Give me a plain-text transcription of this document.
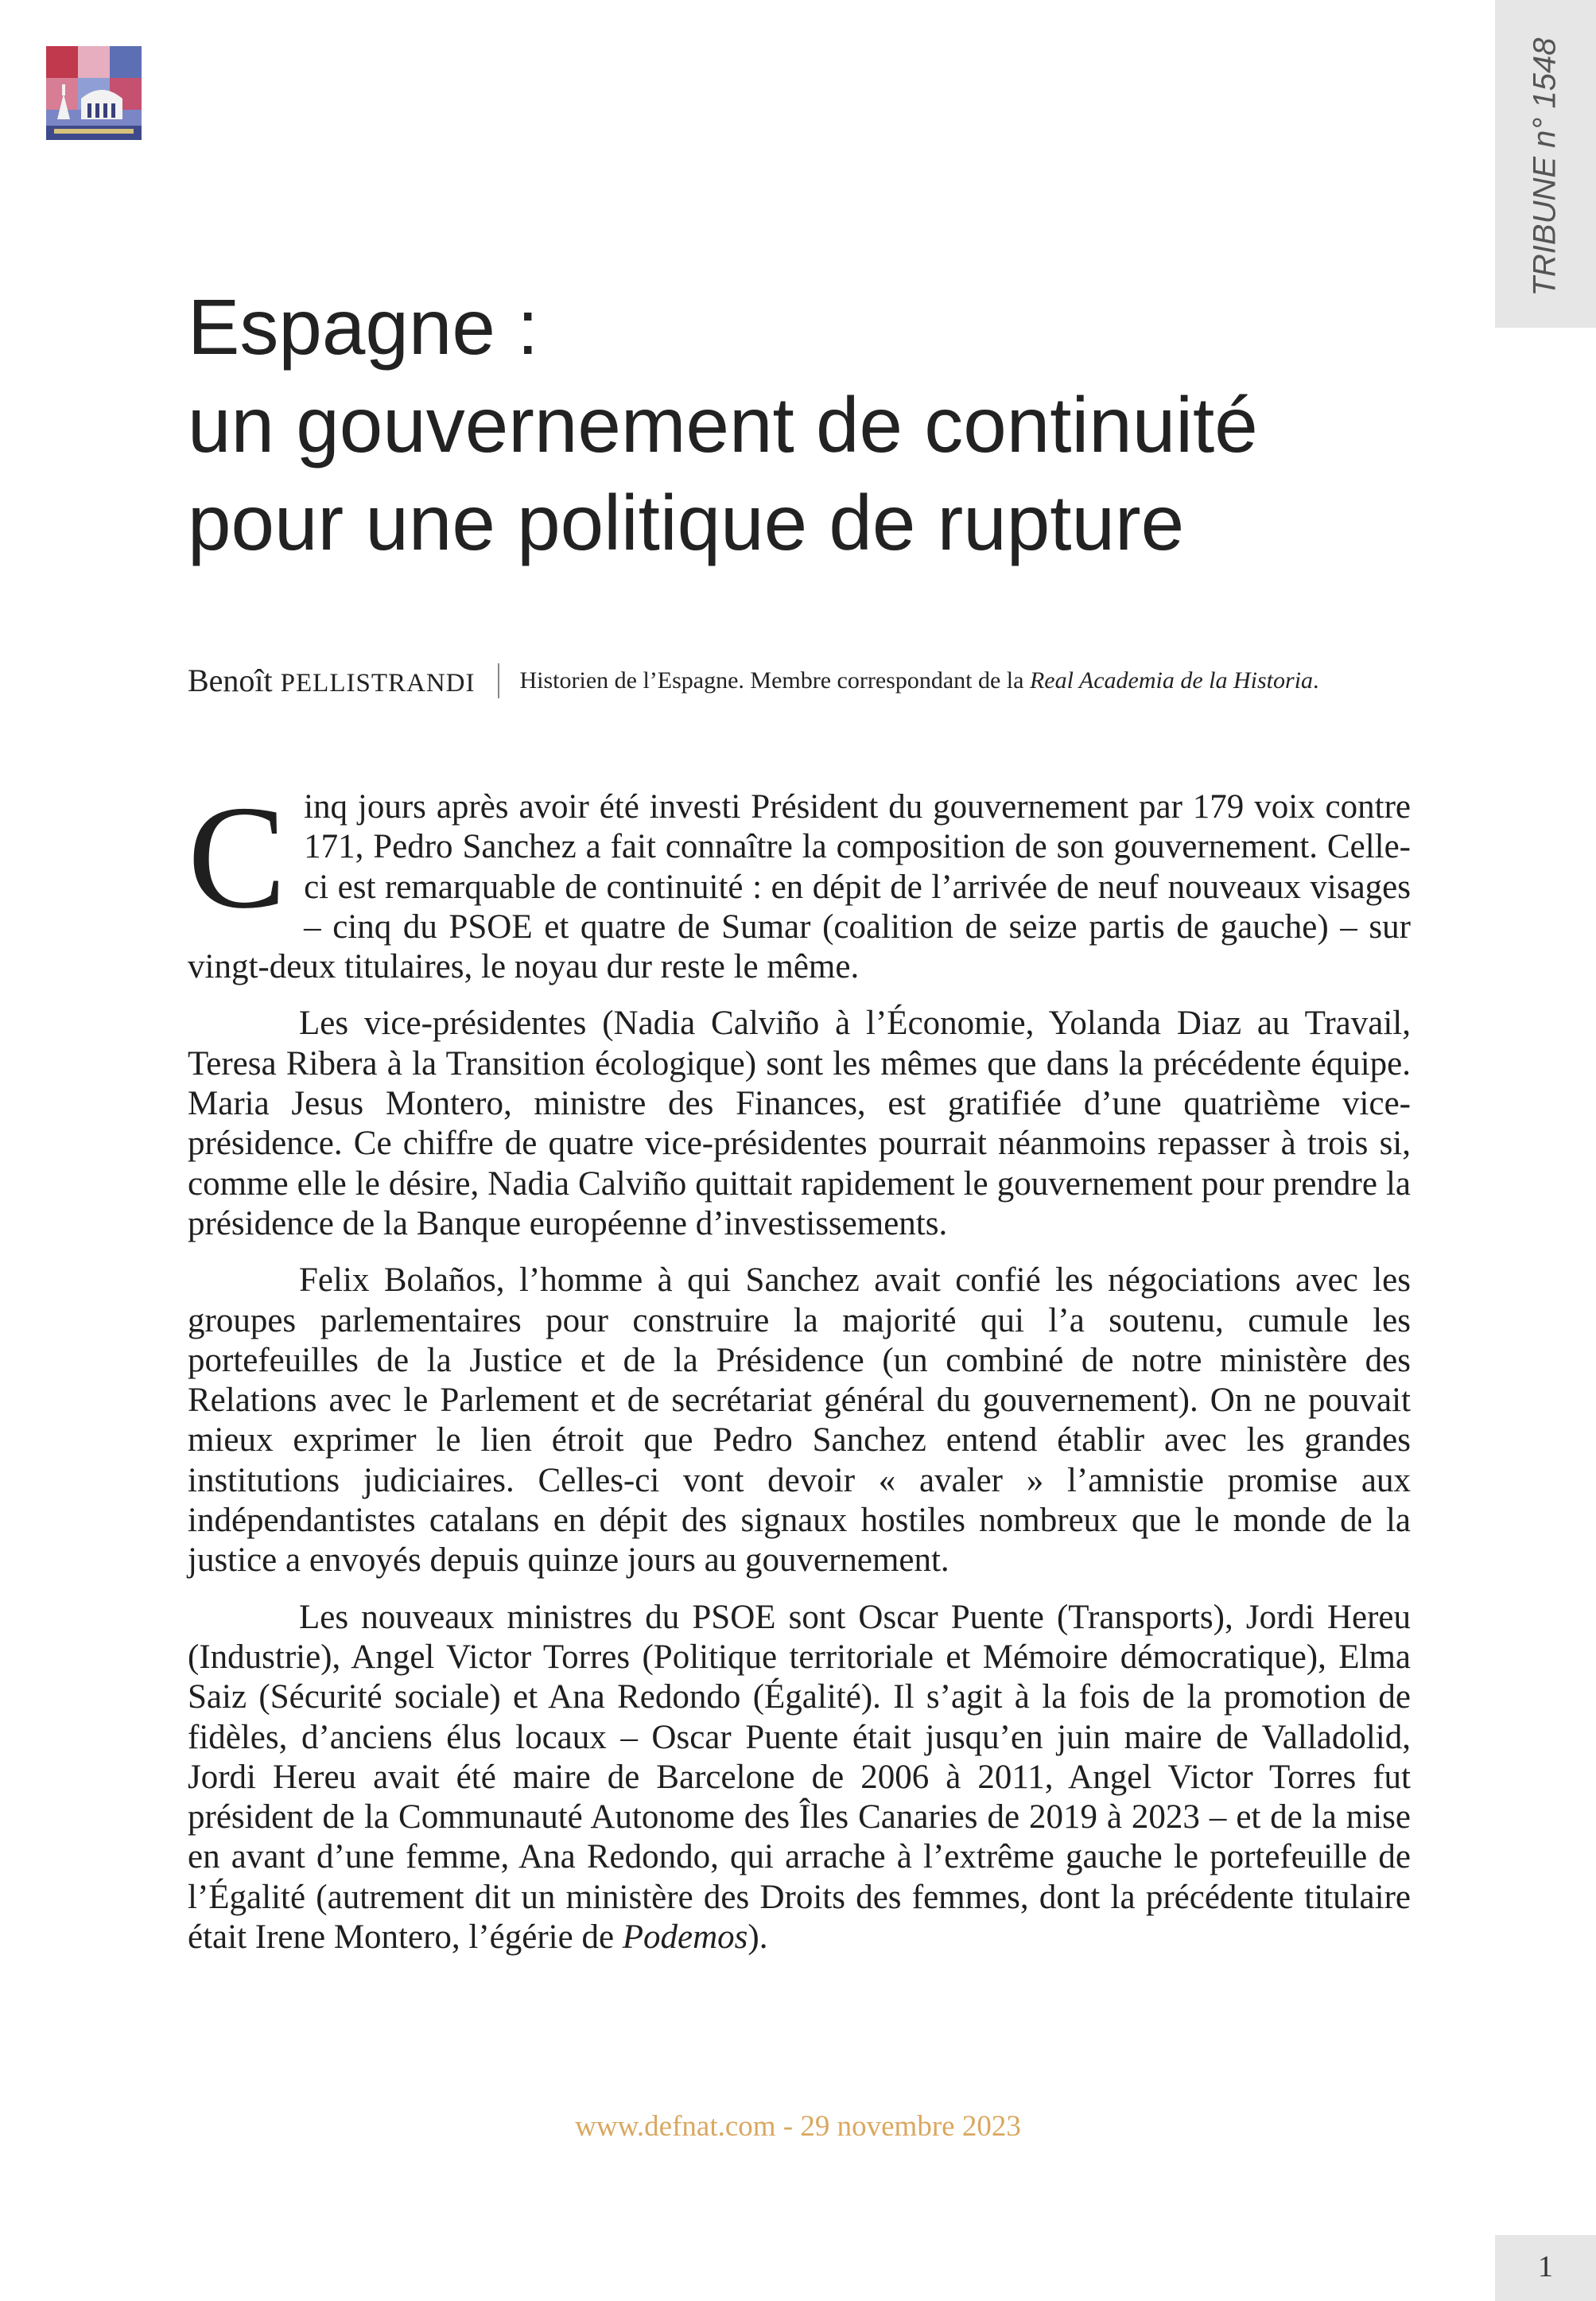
TRIBUNE n° 1548
Espagne :
un gouvernement de continuité
pour une politique de rupture
Benoît PELLISTRANDI Historien de l’Espagne. Membre correspondant de la Real Academia de la Historia.

Cinq jours après avoir été investi Président du gouvernement par 179 voix contre 171, Pedro Sanchez a fait connaître la composition de son gouvernement. Celle-ci est remarquable de continuité : en dépit de l’arrivée de neuf nouveaux visages – cinq du PSOE et quatre de Sumar (coalition de seize partis de gauche) – sur vingt-deux titulaires, le noyau dur reste le même.

Les vice-présidentes (Nadia Calviño à l’Économie, Yolanda Diaz au Travail, Teresa Ribera à la Transition écologique) sont les mêmes que dans la précédente équipe. Maria Jesus Montero, ministre des Finances, est gratifiée d’une quatrième vice-présidence. Ce chiffre de quatre vice-présidentes pourrait néanmoins repasser à trois si, comme elle le désire, Nadia Calviño quittait rapidement le gouvernement pour prendre la présidence de la Banque européenne d’investissements.

Felix Bolaños, l’homme à qui Sanchez avait confié les négociations avec les groupes parlementaires pour construire la majorité qui l’a soutenu, cumule les portefeuilles de la Justice et de la Présidence (un combiné de notre ministère des Relations avec le Parlement et de secrétariat général du gouvernement). On ne pouvait mieux exprimer le lien étroit que Pedro Sanchez entend établir avec les grandes institutions judiciaires. Celles-ci vont devoir « avaler » l’amnistie promise aux indépendantistes catalans en dépit des signaux hostiles nombreux que le monde de la justice a envoyés depuis quinze jours au gouvernement.

Les nouveaux ministres du PSOE sont Oscar Puente (Transports), Jordi Hereu (Industrie), Angel Victor Torres (Politique territoriale et Mémoire démocratique), Elma Saiz (Sécurité sociale) et Ana Redondo (Égalité). Il s’agit à la fois de la promotion de fidèles, d’anciens élus locaux – Oscar Puente était jusqu’en juin maire de Valladolid, Jordi Hereu avait été maire de Barcelone de 2006 à 2011, Angel Victor Torres fut président de la Communauté Autonome des Îles Canaries de 2019 à 2023 – et de la mise en avant d’une femme, Ana Redondo, qui arrache à l’extrême gauche le portefeuille de l’Égalité (autrement dit un ministère des Droits des femmes, dont la précédente titulaire était Irene Montero, l’égérie de Podemos).

www.defnat.com - 29 novembre 2023
1
